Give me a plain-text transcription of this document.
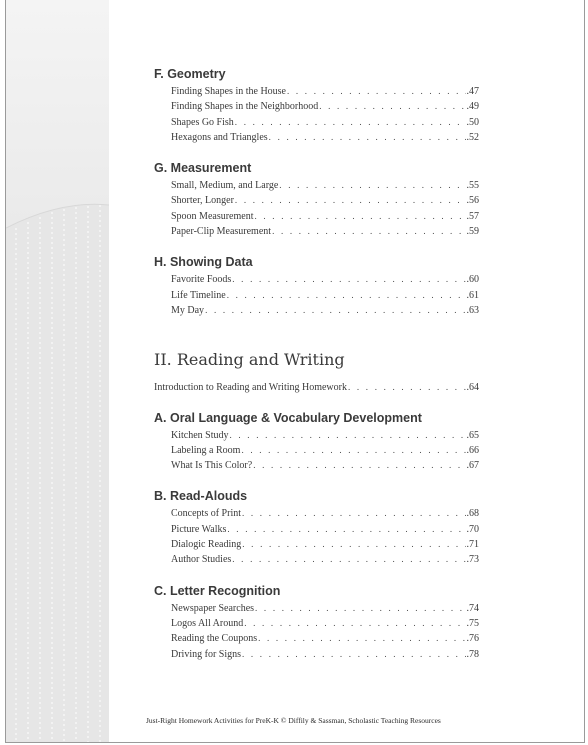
F. Geometry
Finding Shapes in the House . . .	.47
Finding Shapes in the Neighborhood . . .	.49
Shapes Go Fish . . .	.50
Hexagons and Triangles . . .	.52
G. Measurement
Small, Medium, and Large . . .	.55
Shorter, Longer . . .	.56
Spoon Measurement . . .	.57
Paper-Clip Measurement . . .	.59
H. Showing Data
Favorite Foods . . .	.60
Life Timeline . . .	.61
My Day . . .	.63
II. Reading and Writing
Introduction to Reading and Writing Homework . . .	.64
A. Oral Language & Vocabulary Development
Kitchen Study . . .	.65
Labeling a Room . . .	.66
What Is This Color? . . .	.67
B. Read-Alouds
Concepts of Print . . .	.68
Picture Walks . . .	.70
Dialogic Reading . . .	.71
Author Studies . . .	.73
C. Letter Recognition
Newspaper Searches . . .	.74
Logos All Around . . .	.75
Reading the Coupons . . .	.76
Driving for Signs . . .	.78
Just-Right Homework Activities for PreK-K © Diffily & Sassman, Scholastic Teaching Resources
